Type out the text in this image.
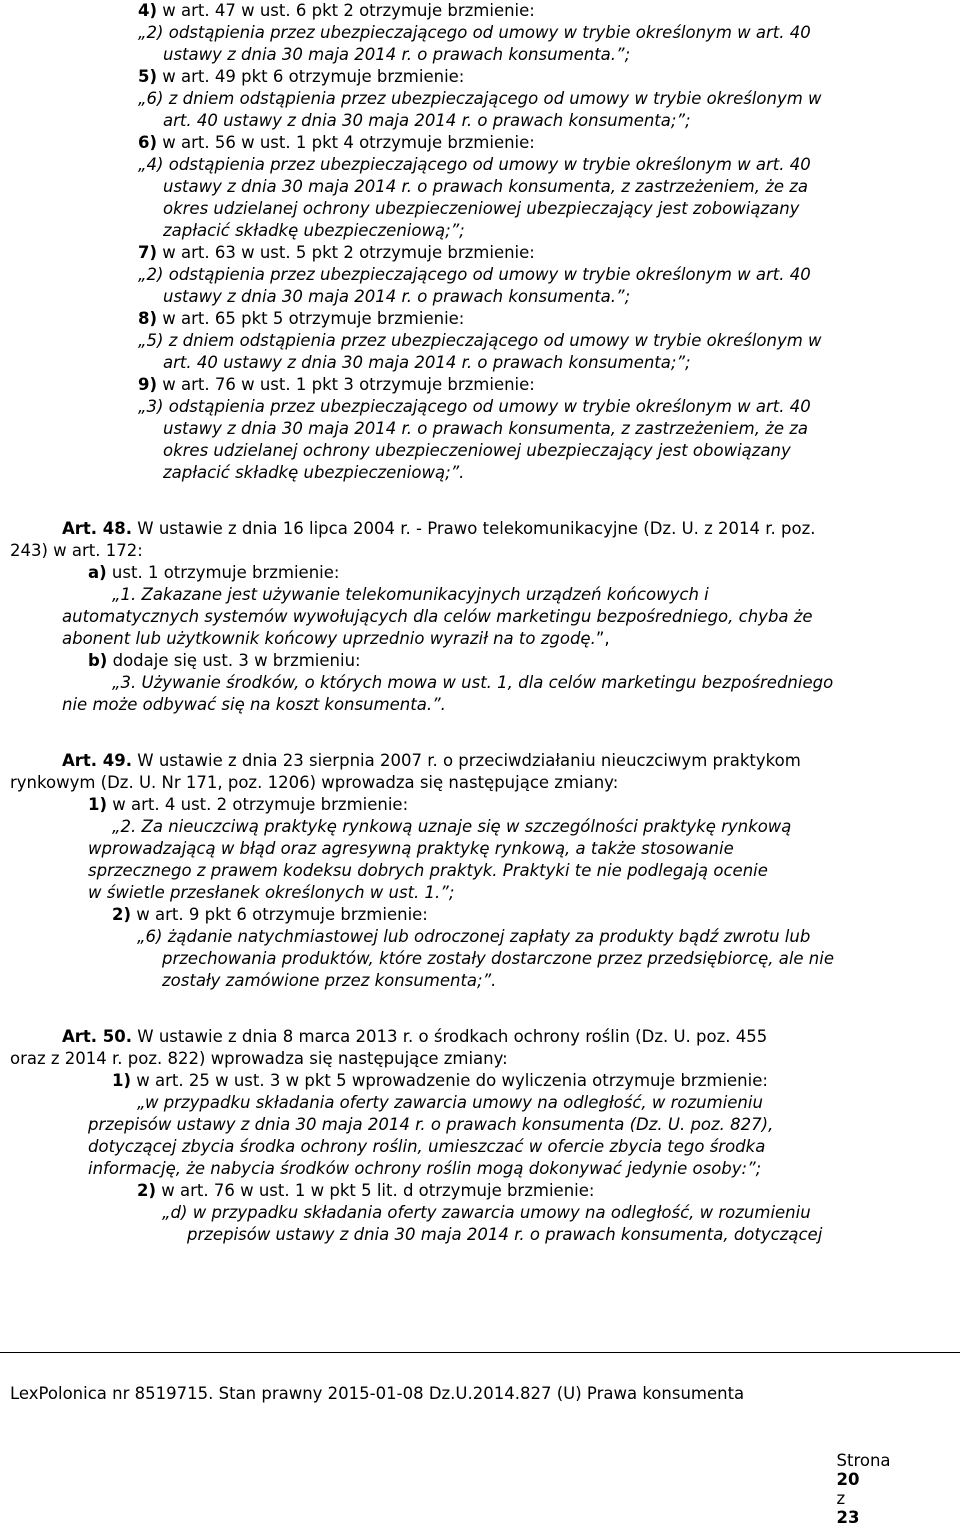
4) w art. 47 w ust. 6 pkt 2 otrzymuje brzmienie:
„2) odstąpienia przez ubezpieczającego od umowy w trybie określonym w art. 40
ustawy z dnia 30 maja 2014 r. o prawach konsumenta.”;
5) w art. 49 pkt 6 otrzymuje brzmienie:
„6) z dniem odstąpienia przez ubezpieczającego od umowy w trybie określonym w
art. 40 ustawy z dnia 30 maja 2014 r. o prawach konsumenta;”;
6) w art. 56 w ust. 1 pkt 4 otrzymuje brzmienie:
„4) odstąpienia przez ubezpieczającego od umowy w trybie określonym w art. 40
ustawy z dnia 30 maja 2014 r. o prawach konsumenta, z zastrzeżeniem, że za
okres udzielanej ochrony ubezpieczeniowej ubezpieczający jest zobowiązany
zapłacić składkę ubezpieczeniową;”;
7) w art. 63 w ust. 5 pkt 2 otrzymuje brzmienie:
„2) odstąpienia przez ubezpieczającego od umowy w trybie określonym w art. 40
ustawy z dnia 30 maja 2014 r. o prawach konsumenta.”;
8) w art. 65 pkt 5 otrzymuje brzmienie:
„5) z dniem odstąpienia przez ubezpieczającego od umowy w trybie określonym w
art. 40 ustawy z dnia 30 maja 2014 r. o prawach konsumenta;”;
9) w art. 76 w ust. 1 pkt 3 otrzymuje brzmienie:
„3) odstąpienia przez ubezpieczającego od umowy w trybie określonym w art. 40
ustawy z dnia 30 maja 2014 r. o prawach konsumenta, z zastrzeżeniem, że za
okres udzielanej ochrony ubezpieczeniowej ubezpieczający jest obowiązany
zapłacić składkę ubezpieczeniową;”.
Art. 48. W ustawie z dnia 16 lipca 2004 r. - Prawo telekomunikacyjne (Dz. U. z 2014 r. poz.
243) w art. 172:
a) ust. 1 otrzymuje brzmienie:
„1. Zakazane jest używanie telekomunikacyjnych urządzeń końcowych i
automatycznych systemów wywołujących dla celów marketingu bezpośredniego, chyba że
abonent lub użytkownik końcowy uprzednio wyraził na to zgodę.”,
b) dodaje się ust. 3 w brzmieniu:
„3. Używanie środków, o których mowa w ust. 1, dla celów marketingu bezpośredniego
nie może odbywać się na koszt konsumenta.”.
Art. 49. W ustawie z dnia 23 sierpnia 2007 r. o przeciwdziałaniu nieuczciwym praktykom
rynkowym (Dz. U. Nr 171, poz. 1206) wprowadza się następujące zmiany:
1) w art. 4 ust. 2 otrzymuje brzmienie:
„2. Za nieuczciwą praktykę rynkową uznaje się w szczególności praktykę rynkową
wprowadzającą w błąd oraz agresywną praktykę rynkową, a także stosowanie
sprzecznego z prawem kodeksu dobrych praktyk. Praktyki te nie podlegają ocenie
w świetle przesłanek określonych w ust. 1.”;
2) w art. 9 pkt 6 otrzymuje brzmienie:
„6) żądanie natychmiastowej lub odroczonej zapłaty za produkty bądź zwrotu lub
przechowania produktów, które zostały dostarczone przez przedsiębiorcę, ale nie
zostały zamówione przez konsumenta;”.
Art. 50. W ustawie z dnia 8 marca 2013 r. o środkach ochrony roślin (Dz. U. poz. 455
oraz z 2014 r. poz. 822) wprowadza się następujące zmiany:
1) w art. 25 w ust. 3 w pkt 5 wprowadzenie do wyliczenia otrzymuje brzmienie:
„w przypadku składania oferty zawarcia umowy na odległość, w rozumieniu
przepisów ustawy z dnia 30 maja 2014 r. o prawach konsumenta (Dz. U. poz. 827),
dotyczącej zbycia środka ochrony roślin, umieszczać w ofercie zbycia tego środka
informację, że nabycia środków ochrony roślin mogą dokonywać jedynie osoby:”;
2) w art. 76 w ust. 1 w pkt 5 lit. d otrzymuje brzmienie:
„d) w przypadku składania oferty zawarcia umowy na odległość, w rozumieniu
przepisów ustawy z dnia 30 maja 2014 r. o prawach konsumenta, dotyczącej
LexPolonica nr 8519715. Stan prawny 2015-01-08 Dz.U.2014.827 (U) Prawa konsumenta

Strona
20
z
23
